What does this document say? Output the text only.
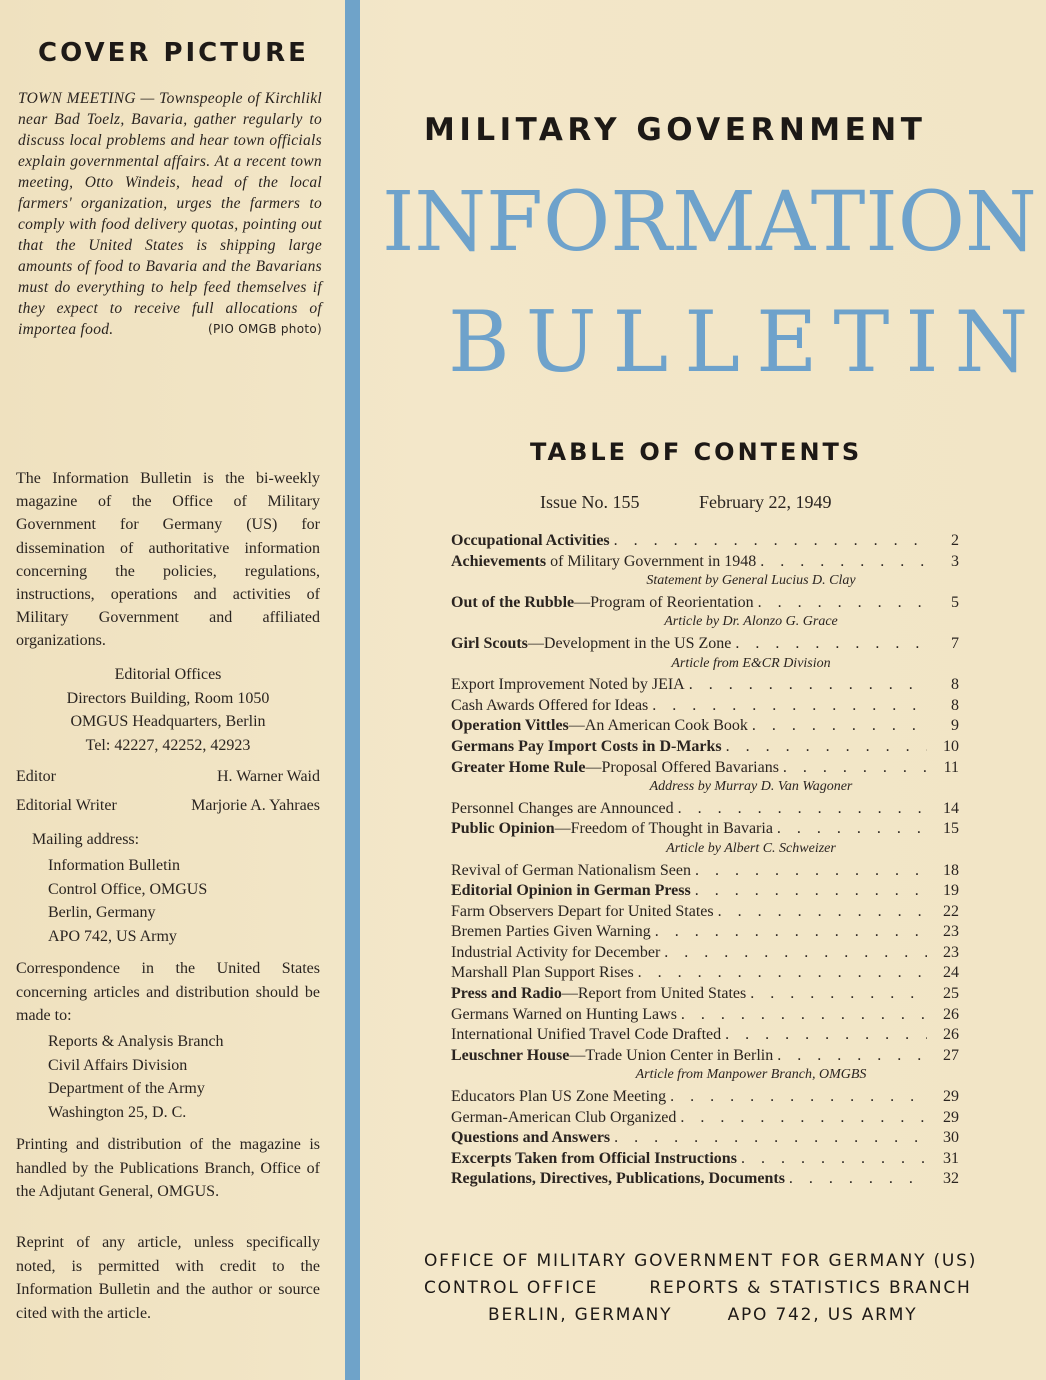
COVER PICTURE
TOWN MEETING — Townspeople of Kirchlikl near Bad Toelz, Bavaria, gather regularly to discuss local problems and hear town officials explain governmental affairs. At a recent town meeting, Otto Windeis, head of the local farmers' organization, urges the farmers to comply with food delivery quotas, pointing out that the United States is shipping large amounts of food to Bavaria and the Bavarians must do everything to help feed themselves if they expect to receive full allocations of importea food.	(PIO OMGB photo)
The Information Bulletin is the bi-weekly magazine of the Office of Military Government for Germany (US) for dissemination of authoritative information concerning the policies, regulations, instructions, operations and activities of Military Government and affiliated organizations.
Editorial Offices
Directors Building, Room 1050
OMGUS Headquarters, Berlin
Tel: 42227, 42252, 42923
Editor	H. Warner Waid
Editorial Writer	Marjorie A. Yahraes
Mailing address:
Information Bulletin
Control Office, OMGUS
Berlin, Germany
APO 742, US Army
Correspondence in the United States concerning articles and distribution should be made to:
Reports & Analysis Branch
Civil Affairs Division
Department of the Army
Washington 25, D. C.
Printing and distribution of the magazine is handled by the Publications Branch, Office of the Adjutant General, OMGUS.
Reprint of any article, unless specifically noted, is permitted with credit to the Information Bulletin and the author or source cited with the article.
MILITARY GOVERNMENT
INFORMATION
BULLETIN
TABLE OF CONTENTS
Issue No. 155	February 22, 1949
Occupational Activities . . .	2
Achievements of Military Government in 1948 . . .	3
Statement by General Lucius D. Clay
Out of the Rubble—Program of Reorientation . . .	5
Article by Dr. Alonzo G. Grace
Girl Scouts—Development in the US Zone . . .	7
Article from E&CR Division
Export Improvement Noted by JEIA . . .	8
Cash Awards Offered for Ideas . . .	8
Operation Vittles—An American Cook Book . . .	9
Germans Pay Import Costs in D-Marks . . .	10
Greater Home Rule—Proposal Offered Bavarians . . .	11
Address by Murray D. Van Wagoner
Personnel Changes are Announced . . .	14
Public Opinion—Freedom of Thought in Bavaria . . .	15
Article by Albert C. Schweizer
Revival of German Nationalism Seen . . .	18
Editorial Opinion in German Press . . .	19
Farm Observers Depart for United States . . .	22
Bremen Parties Given Warning . . .	23
Industrial Activity for December . . .	23
Marshall Plan Support Rises . . .	24
Press and Radio—Report from United States . . .	25
Germans Warned on Hunting Laws . . .	26
International Unified Travel Code Drafted . . .	26
Leuschner House—Trade Union Center in Berlin . . .	27
Article from Manpower Branch, OMGBS
Educators Plan US Zone Meeting . . .	29
German-American Club Organized . . .	29
Questions and Answers . . .	30
Excerpts Taken from Official Instructions . . .	31
Regulations, Directives, Publications, Documents . . .	32
OFFICE OF MILITARY GOVERNMENT FOR GERMANY (US)
CONTROL OFFICE	REPORTS & STATISTICS BRANCH
BERLIN, GERMANY	APO 742, US ARMY
